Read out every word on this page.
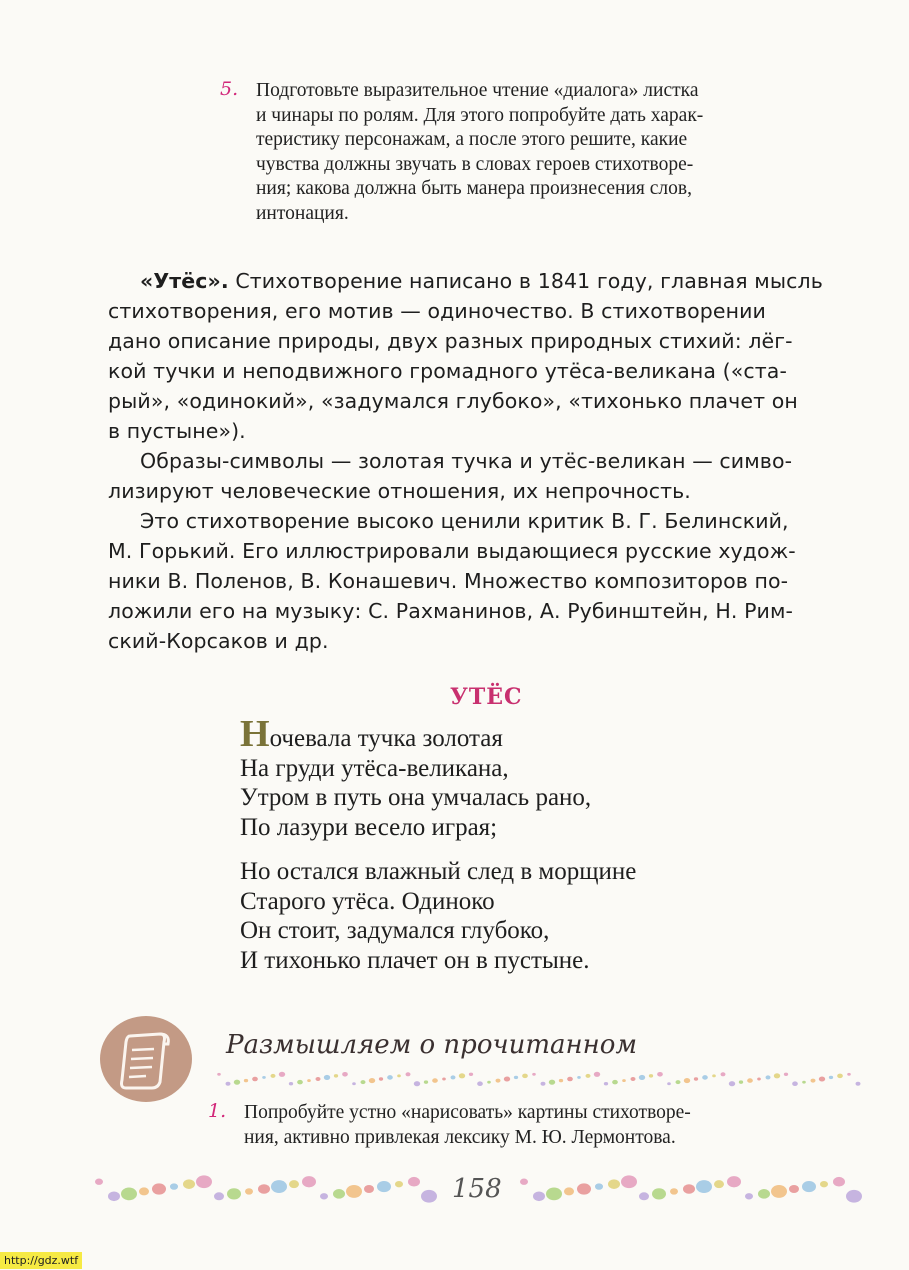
5. Подготовьте выразительное чтение «диалога» листка
и чинары по ролям. Для этого попробуйте дать харак-
теристику персонажам, а после этого решите, какие
чувства должны звучать в словах героев стихотворе-
ния; какова должна быть манера произнесения слов,
интонация.
«Утёс». Стихотворение написано в 1841 году, главная мысль
стихотворения, его мотив — одиночество. В стихотворении
дано описание природы, двух разных природных стихий: лёг-
кой тучки и неподвижного громадного утёса-великана («ста-
рый», «одинокий», «задумался глубоко», «тихонько плачет он
в пустыне»).
Образы-символы — золотая тучка и утёс-великан — симво-
лизируют человеческие отношения, их непрочность.
Это стихотворение высоко ценили критик В. Г. Белинский,
М. Горький. Его иллюстрировали выдающиеся русские худож-
ники В. Поленов, В. Конашевич. Множество композиторов по-
ложили его на музыку: С. Рахманинов, А. Рубинштейн, Н. Рим-
ский-Корсаков и др.
УТЁС
Ночевала тучка золотая
На груди утёса-великана,
Утром в путь она умчалась рано,
По лазури весело играя;
Но остался влажный след в морщине
Старого утёса. Одиноко
Он стоит, задумался глубоко,
И тихонько плачет он в пустыне.
Размышляем о прочитанном
1. Попробуйте устно «нарисовать» картины стихотворе-
ния, активно привлекая лексику М. Ю. Лермонтова.
158
http://gdz.wtf
